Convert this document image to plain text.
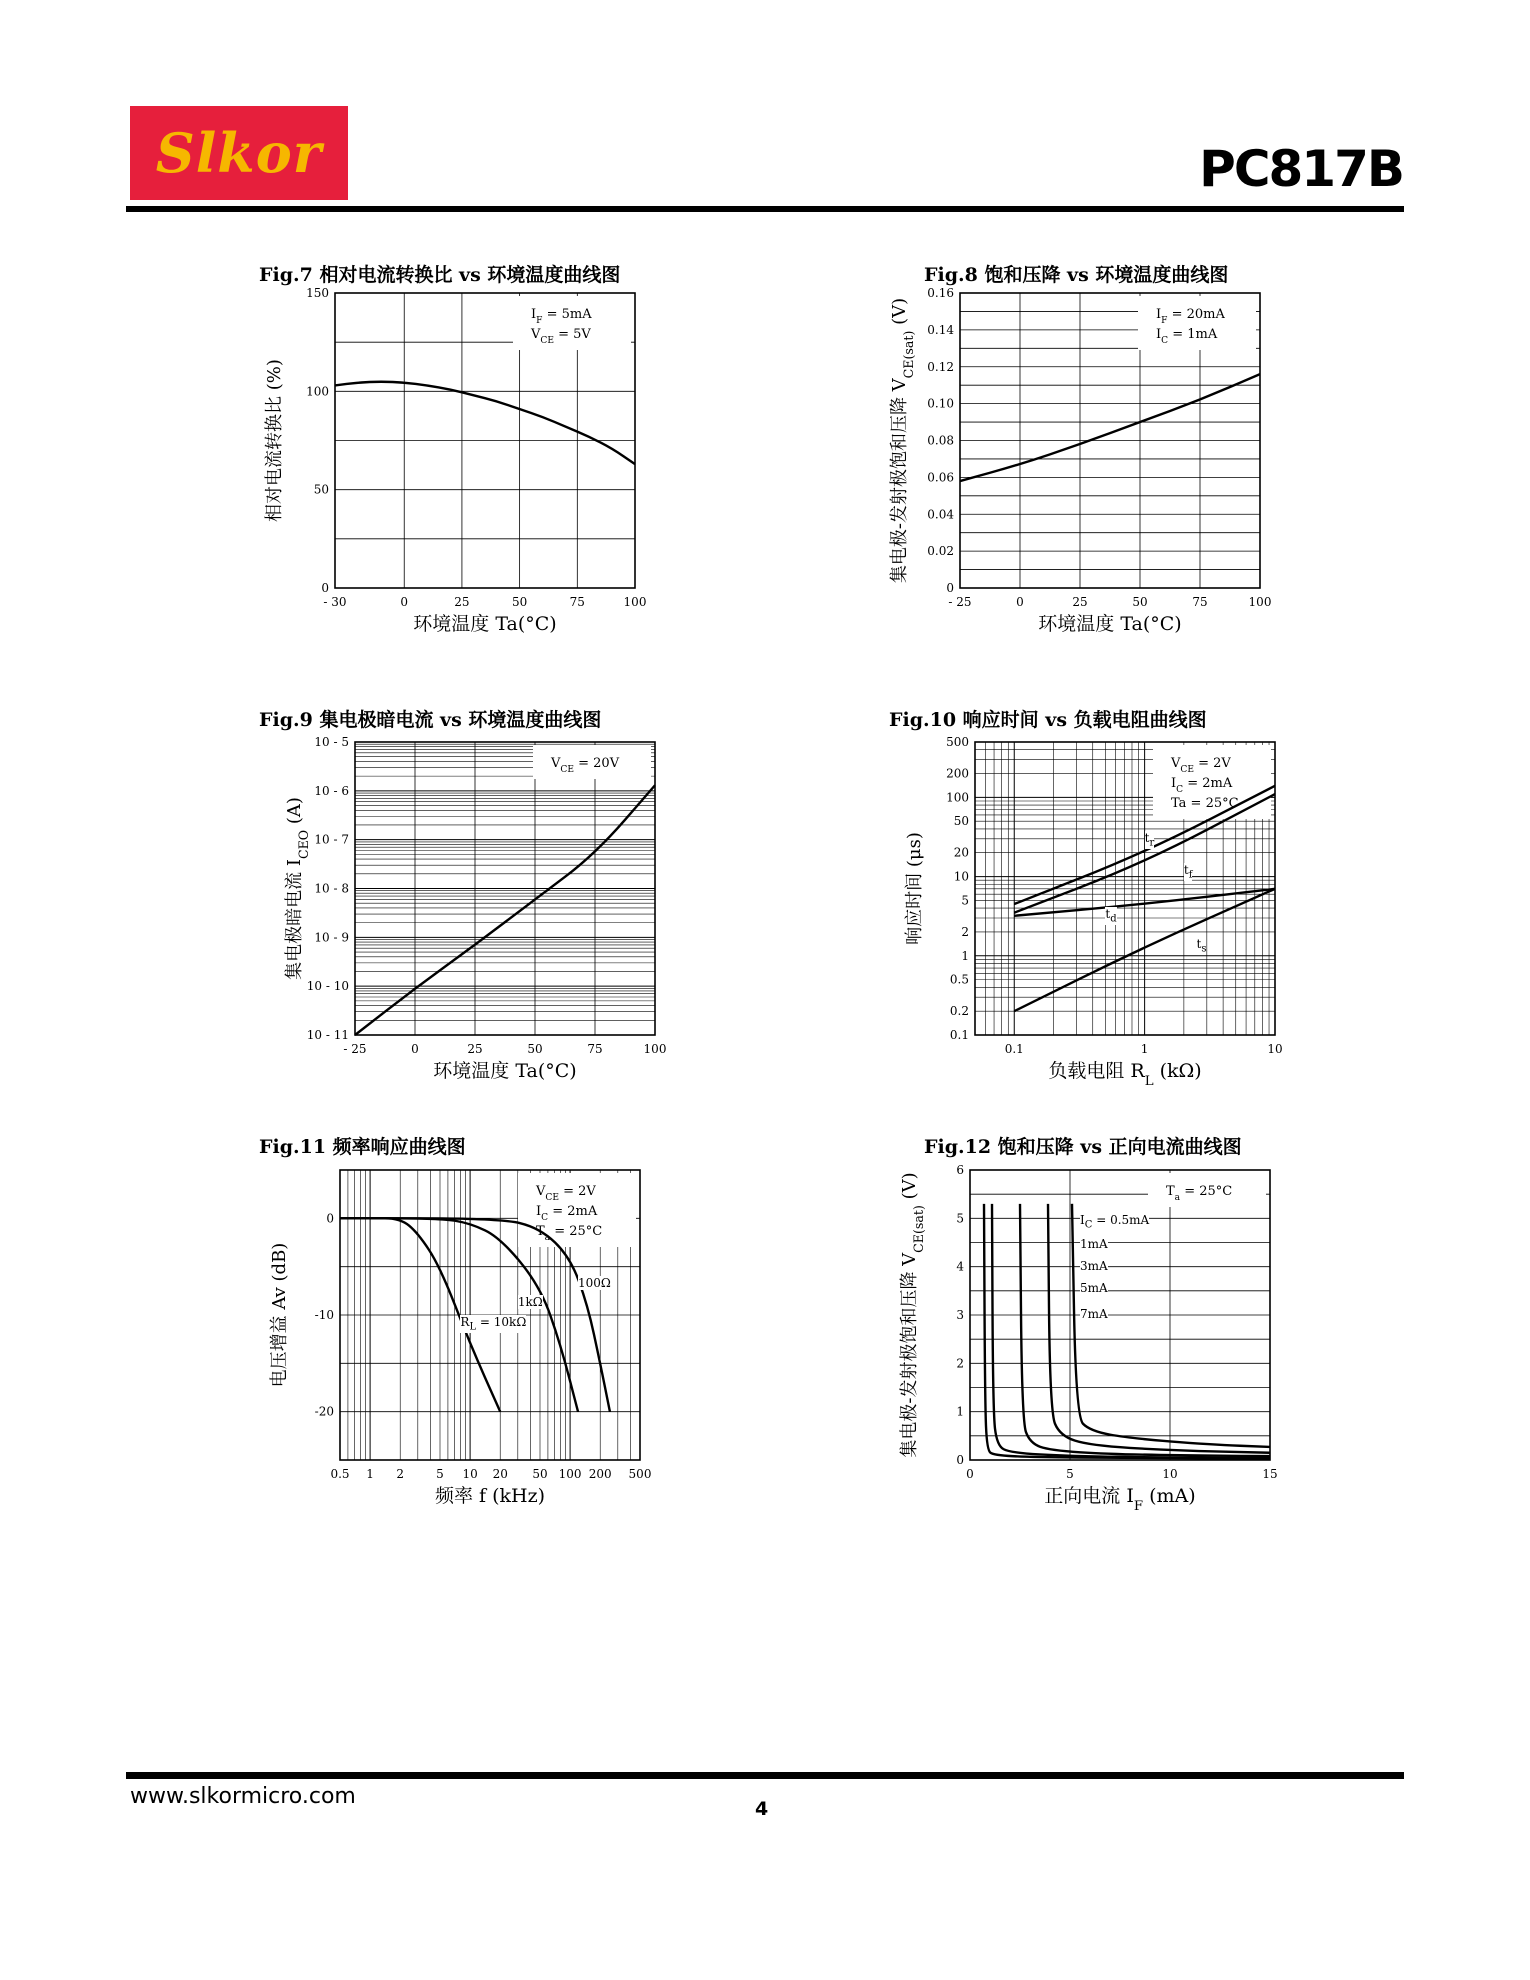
Slkor	PC817B
Fig.7 相对电流转换比 vs 环境温度曲线图
$I_F = 5mA$
$V_{CE} = 5V$
- 30	0	25	50	75	100
0
50
100
150
环境温度 Ta(°C)
相对电流转换比 (%)
Fig.8 饱和压降 vs 环境温度曲线图
$I_F = 20mA$
$I_C = 1mA$
- 25	0	25	50	75	100
0
0.02
0.04
0.06
0.08
0.10
0.12
0.14
0.16
环境温度 Ta(°C)
集电极-发射极饱和压降 $V_{CE(sat)}$ (V)
Fig.9 集电极暗电流 vs 环境温度曲线图
$V_{CE} = 20V$
- 25	0	25	50	75	100
10 - 11
10 - 10
10 - 9
10 - 8
10 - 7
10 - 6
10 - 5
环境温度 Ta(°C)
集电极暗电流 $I_{CEO}$ (A)
Fig.10 响应时间 vs 负载电阻曲线图
$V_{CE} = 2V$
$I_C = 2mA$
Ta = 25°C
0.1	1	10
0.1
0.2
0.5
1
2
5
10
20
50
100
200
500
负载电阻 $R_L$ (kΩ)
响应时间 (μs)	$t_r$
$t_f$
$t_d$
$t_s$
Fig.11 频率响应曲线图
$V_{CE} = 2V$
$I_C = 2mA$
$T_a = 25^\circ C$
0.5 1 2	5 10 20 50 100 200 500
0
-10
-20
频率 f (kHz)
电压增益 Av (dB)	$R_L = 10k\Omega$
1kΩ
100Ω
Fig.12 饱和压降 vs 正向电流曲线图
$T_a = 25^\circ C$
0	5	10	15
0
1
2
3
4
5
6
正向电流 $I_F$ (mA)
集电极-发射极饱和压降 $V_{CE(sat)}$ (V)
$I_C = 0.5mA$
1mA
3mA
5mA
7mA
www.slkormicro.com	4
